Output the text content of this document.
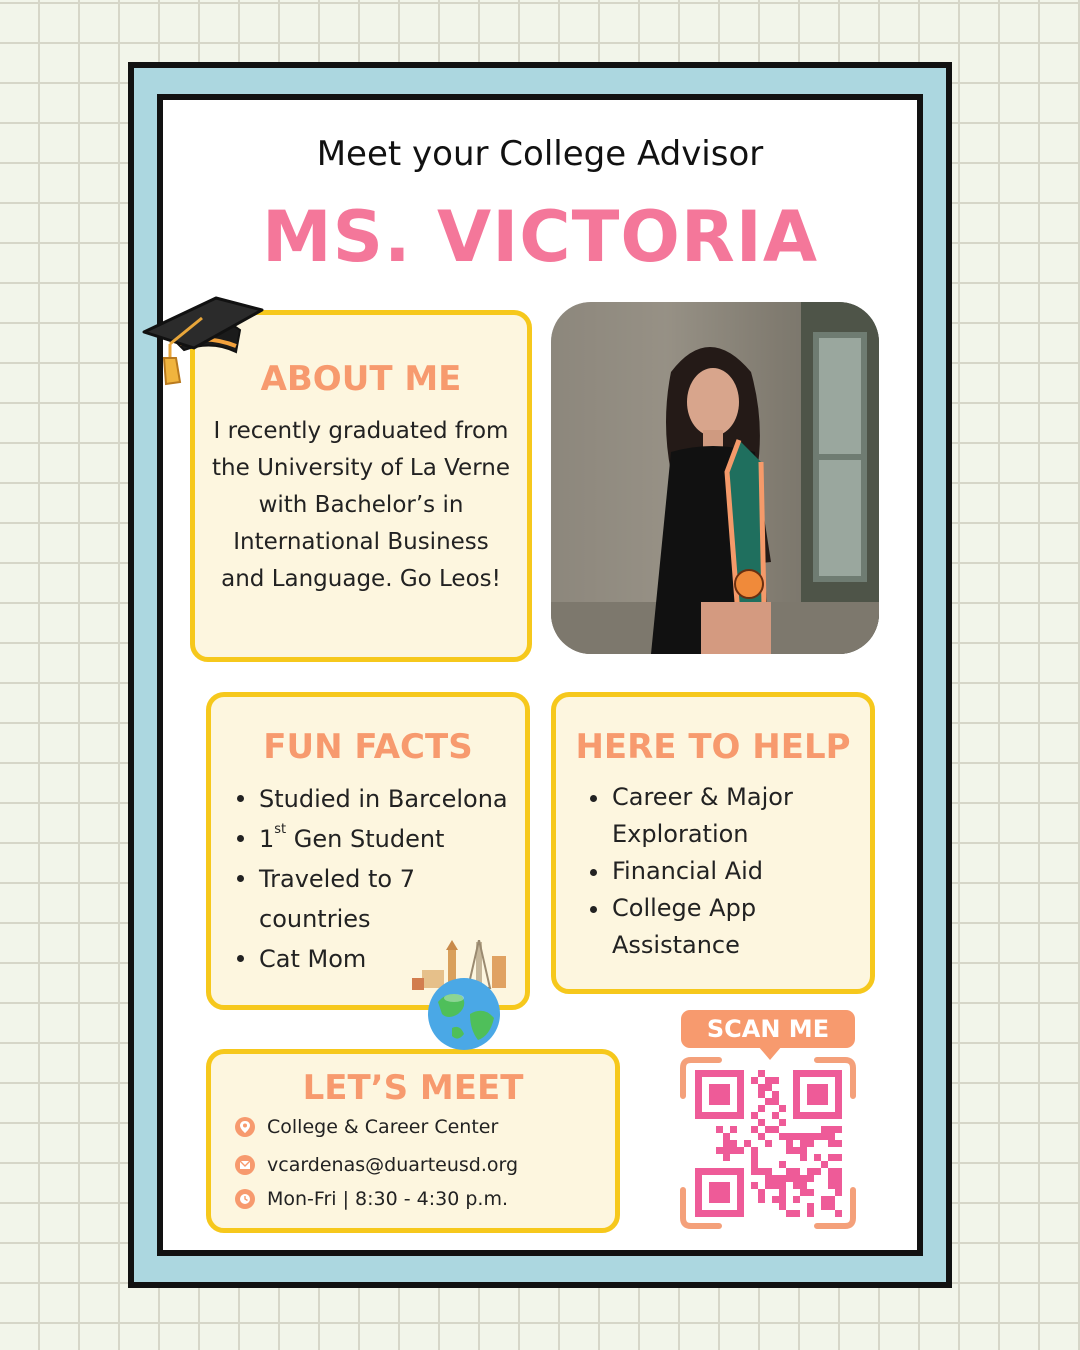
Meet your College Advisor
MS. VICTORIA
ABOUT ME
I recently graduated from the University of La Verne with Bachelor’s in International Business and Language. Go Leos!
FUN FACTS
Studied in Barcelona
1st Gen Student
Traveled to 7 countries
Cat Mom
HERE TO HELP
Career & Major Exploration
Financial Aid
College App Assistance
LET’S MEET
College & Career Center
vcardenas@duarteusd.org
Mon-Fri | 8:30 - 4:30 p.m.
SCAN ME
